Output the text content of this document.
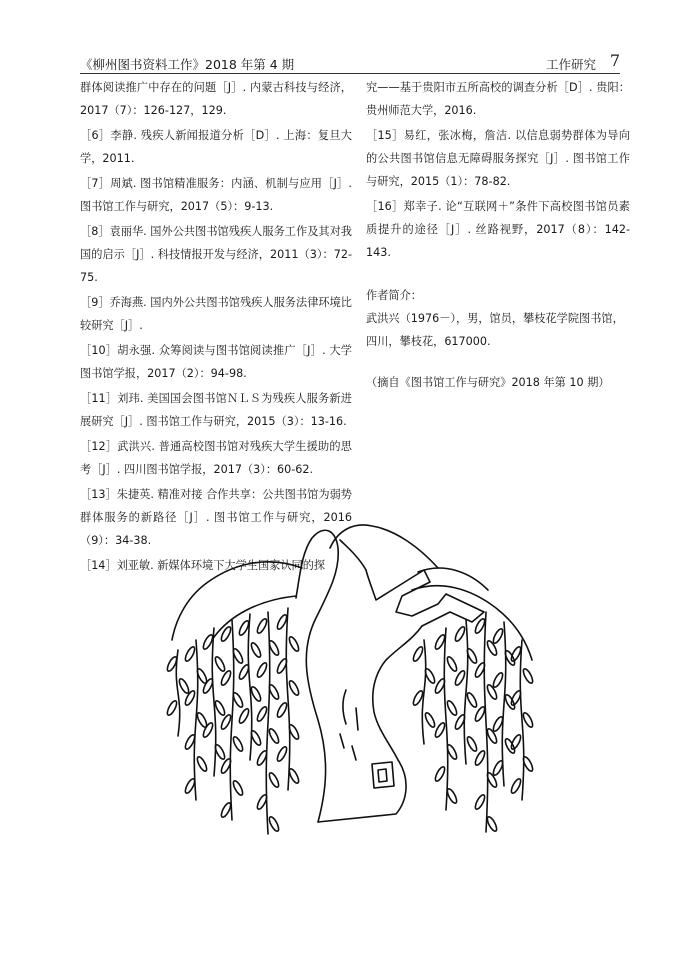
《柳州图书资料工作》2018 年第 4 期	工作研究 7

群体阅读推广中存在的问题［J］. 内蒙古科技与经济，2017（7）：126-127，129.

［6］李静. 残疾人新闻报道分析［D］. 上海：复旦大学，2011.

［7］周斌. 图书馆精准服务：内涵、机制与应用［J］. 图书馆工作与研究，2017（5）：9-13.

［8］袁丽华. 国外公共图书馆残疾人服务工作及其对我国的启示［J］. 科技情报开发与经济，2011（3）：72-75.

［9］乔海燕. 国内外公共图书馆残疾人服务法律环境比较研究［J］.

［10］胡永强. 众筹阅读与图书馆阅读推广［J］. 大学图书馆学报，2017（2）：94-98.

［11］刘玮. 美国国会图书馆ＮＬＳ为残疾人服务新进展研究［J］. 图书馆工作与研究，2015（3）：13-16.

［12］武洪兴. 普通高校图书馆对残疾大学生援助的思考［J］. 四川图书馆学报，2017（3）：60-62.

［13］朱捷英. 精准对接 合作共享：公共图书馆为弱势群体服务的新路径［J］. 图书馆工作与研究，2016（9）：34-38.

［14］刘亚敏. 新媒体环境下大学生国家认同的探

究——基于贵阳市五所高校的调查分析［D］. 贵阳：贵州师范大学，2016.

［15］易红，张冰梅，詹洁. 以信息弱势群体为导向的公共图书馆信息无障碍服务探究［J］. 图书馆工作与研究，2015（1）：78-82.

［16］郑幸子. 论“互联网＋”条件下高校图书馆员素质提升的途径［J］. 丝路视野，2017（8）：142-143.

作者简介：

武洪兴（1976－），男，馆员，攀枝花学院图书馆，四川，攀枝花，617000.

（摘自《图书馆工作与研究》2018 年第 10 期）
